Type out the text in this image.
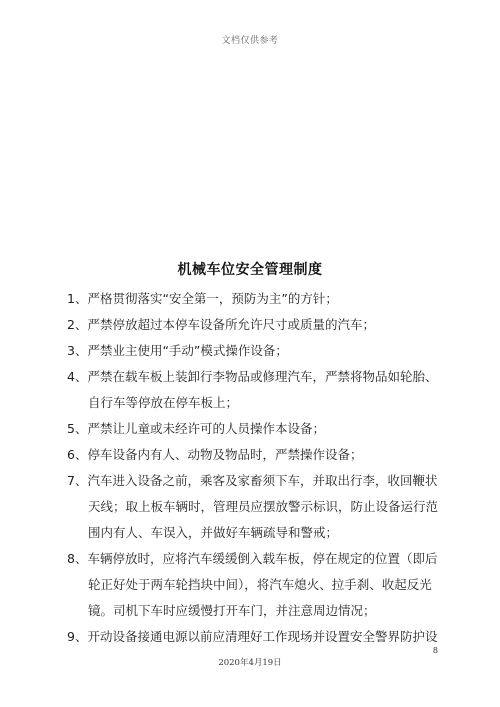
文档仅供参考
机械车位安全管理制度
1、严格贯彻落实“安全第一，预防为主”的方针；
2、严禁停放超过本停车设备所允许尺寸或质量的汽车；
3、严禁业主使用“手动”模式操作设备；
4、严禁在载车板上装卸行李物品或修理汽车，严禁将物品如轮胎、
自行车等停放在停车板上；
5、严禁让儿童或未经许可的人员操作本设备；
6、停车设备内有人、动物及物品时，严禁操作设备；
7、汽车进入设备之前，乘客及家畜须下车，并取出行李，收回鞭状
天线；取上板车辆时，管理员应摆放警示标识，防止设备运行范
围内有人、车误入，并做好车辆疏导和警戒；
8、车辆停放时，应将汽车缓缓倒入载车板，停在规定的位置（即后
轮正好处于两车轮挡块中间），将汽车熄火、拉手刹、收起反光
镜。司机下车时应缓慢打开车门，并注意周边情况；
9、开动设备接通电源以前应清理好工作现场并设置安全警界防护设
8
2020年4月19日
